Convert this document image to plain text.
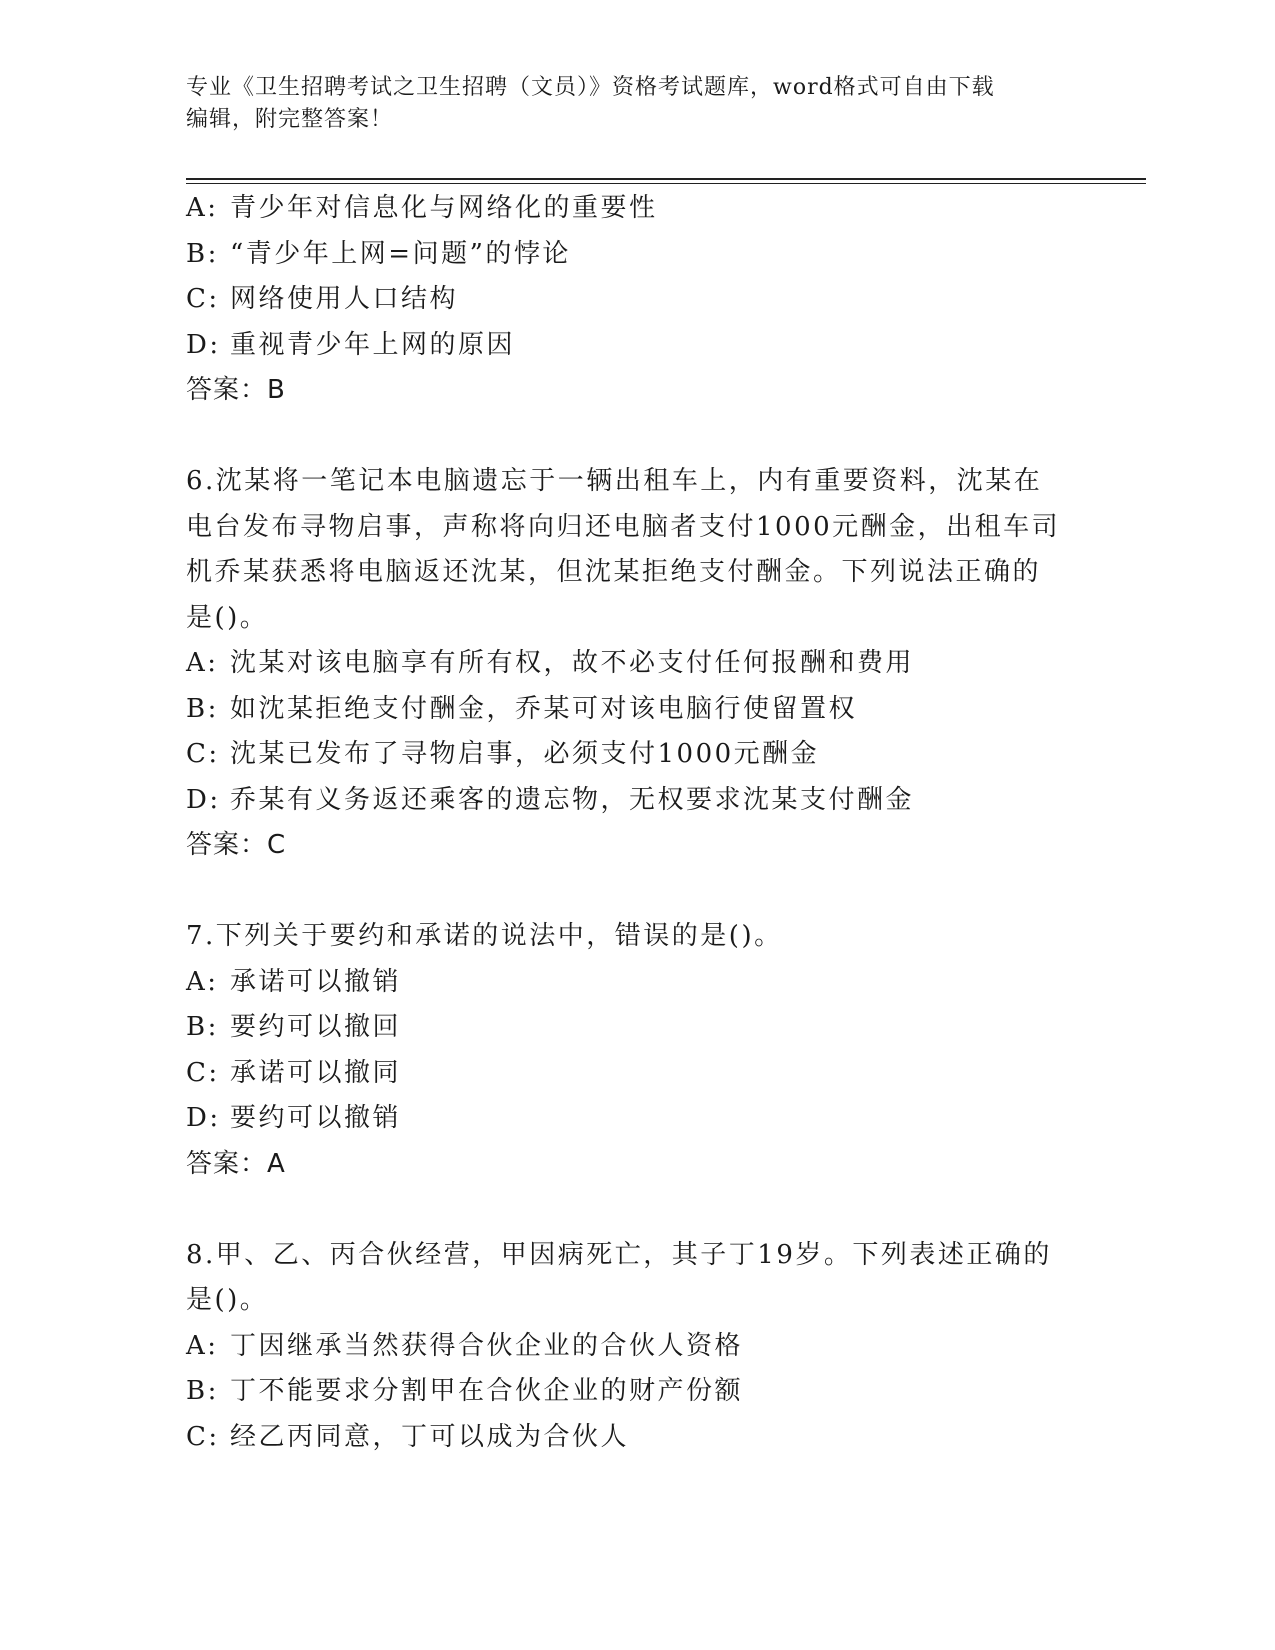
专业《卫生招聘考试之卫生招聘（文员）》资格考试题库，word格式可自由下载
编辑，附完整答案！
A: 青少年对信息化与网络化的重要性
B: “青少年上网=问题”的悖论
C: 网络使用人口结构
D: 重视青少年上网的原因
答案：B
6.沈某将一笔记本电脑遗忘于一辆出租车上，内有重要资料，沈某在
电台发布寻物启事，声称将向归还电脑者支付1000元酬金，出租车司
机乔某获悉将电脑返还沈某，但沈某拒绝支付酬金。下列说法正确的
是()。
A: 沈某对该电脑享有所有权，故不必支付任何报酬和费用
B: 如沈某拒绝支付酬金，乔某可对该电脑行使留置权
C: 沈某已发布了寻物启事，必须支付1000元酬金
D: 乔某有义务返还乘客的遗忘物，无权要求沈某支付酬金
答案：C
7.下列关于要约和承诺的说法中，错误的是()。
A: 承诺可以撤销
B: 要约可以撤回
C: 承诺可以撤同
D: 要约可以撤销
答案：A
8.甲、乙、丙合伙经营，甲因病死亡，其子丁19岁。下列表述正确的
是()。
A: 丁因继承当然获得合伙企业的合伙人资格
B: 丁不能要求分割甲在合伙企业的财产份额
C: 经乙丙同意，丁可以成为合伙人
